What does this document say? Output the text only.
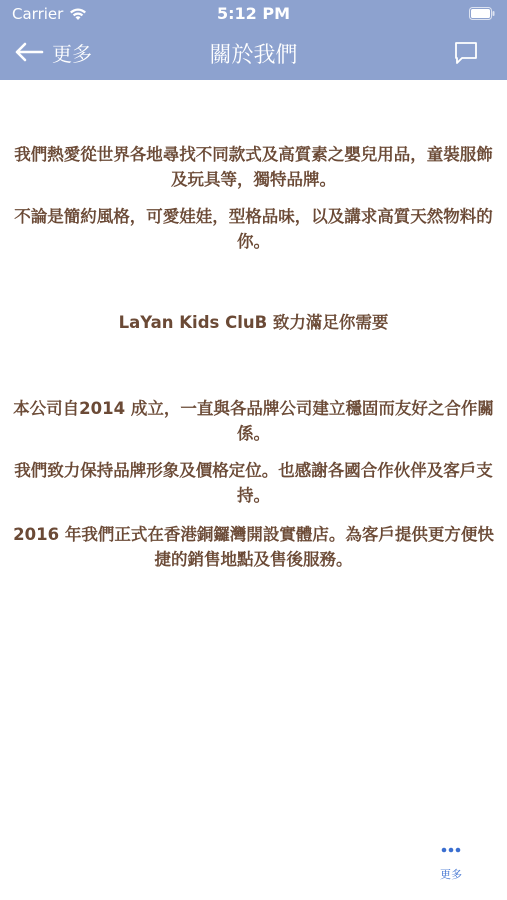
Carrier	5:12 PM
更多	關於我們

我們熱愛從世界各地尋找不同款式及高質素之嬰兒用品，童裝服飾及玩具等，獨特品牌。

不論是簡約風格，可愛娃娃，型格品味，以及講求高質天然物料的你。

LaYan Kids CluB 致力滿足你需要

本公司自2014 成立，一直與各品牌公司建立穩固而友好之合作關係。

我們致力保持品牌形象及價格定位。也感謝各國合作伙伴及客戶支持。

2016 年我們正式在香港銅鑼灣開設實體店。為客戶提供更方便快捷的銷售地點及售後服務。

更多
